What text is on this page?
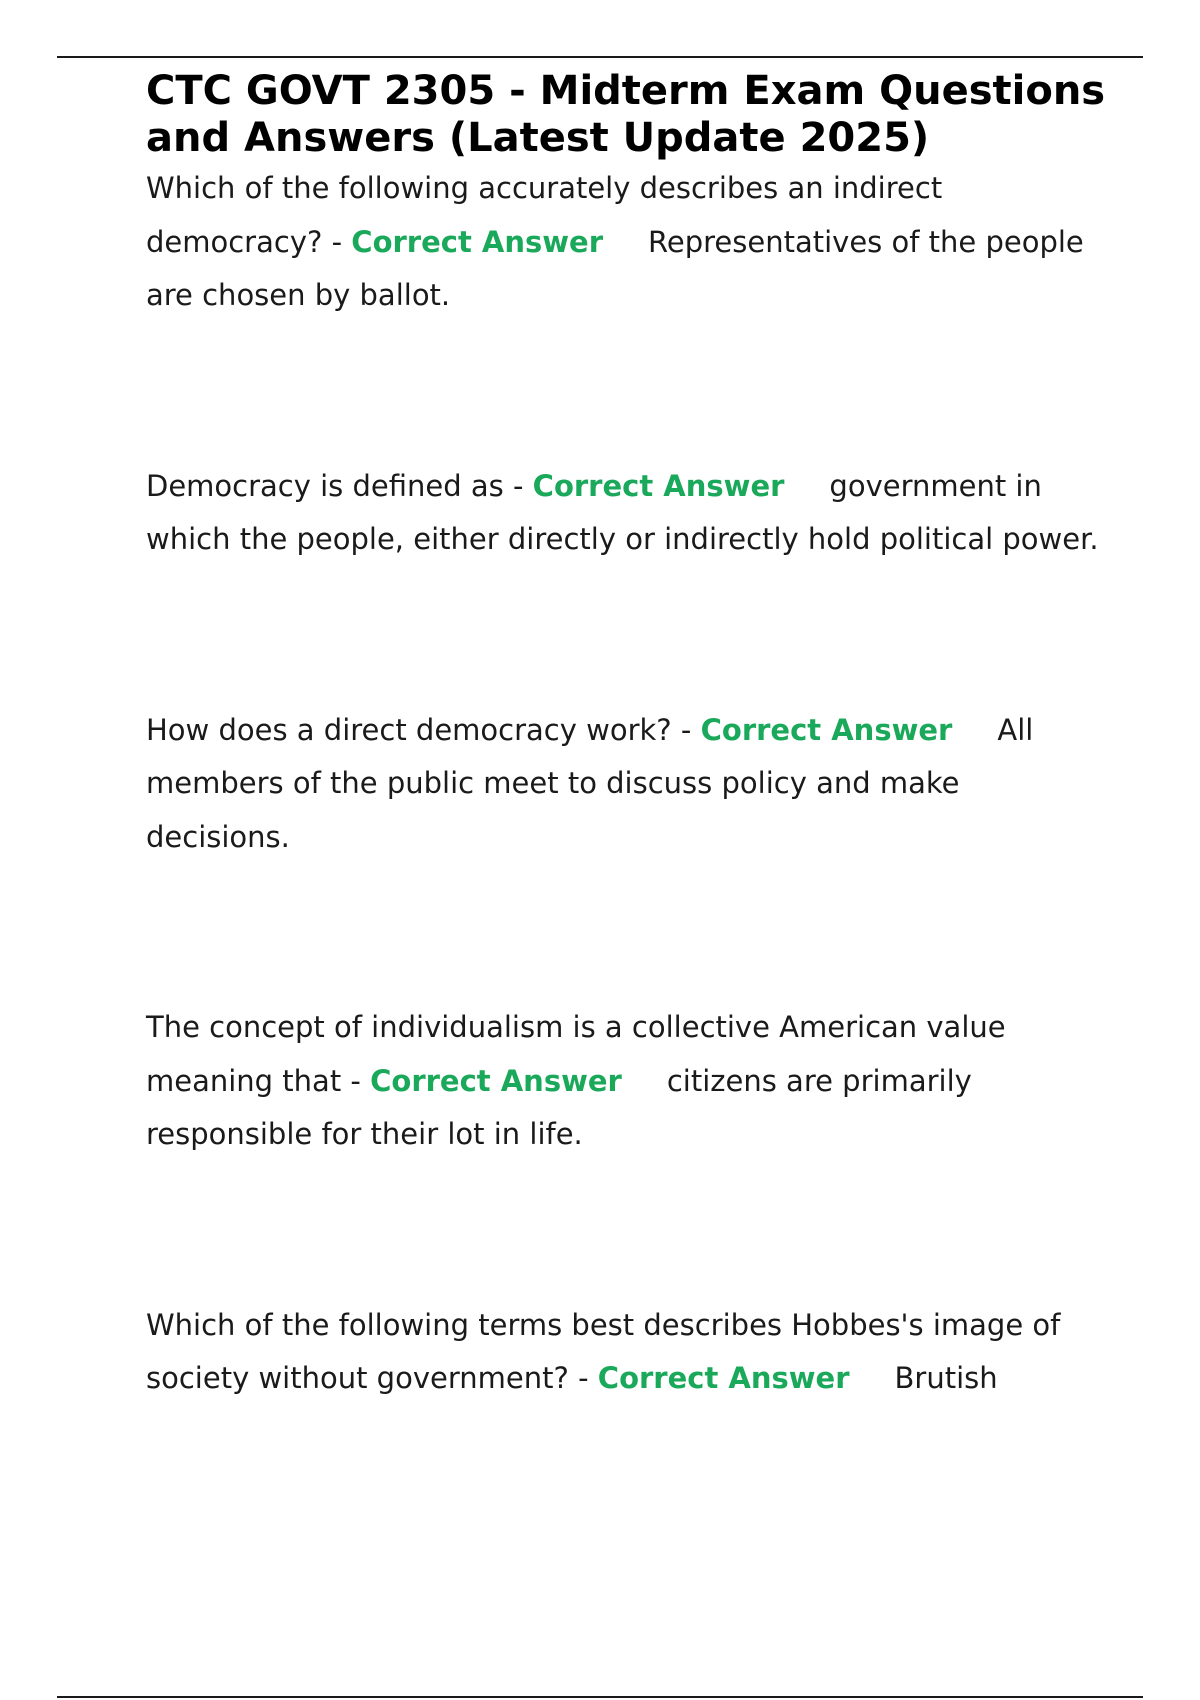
CTC GOVT 2305 - Midterm Exam Questions and Answers (Latest Update 2025)

Which of the following accurately describes an indirect democracy? - Correct Answer Representatives of the people are chosen by ballot.

Democracy is defined as - Correct Answer government in which the people, either directly or indirectly hold political power.

How does a direct democracy work? - Correct Answer All members of the public meet to discuss policy and make decisions.

The concept of individualism is a collective American value meaning that - Correct Answer citizens are primarily responsible for their lot in life.

Which of the following terms best describes Hobbes's image of society without government? - Correct Answer Brutish
